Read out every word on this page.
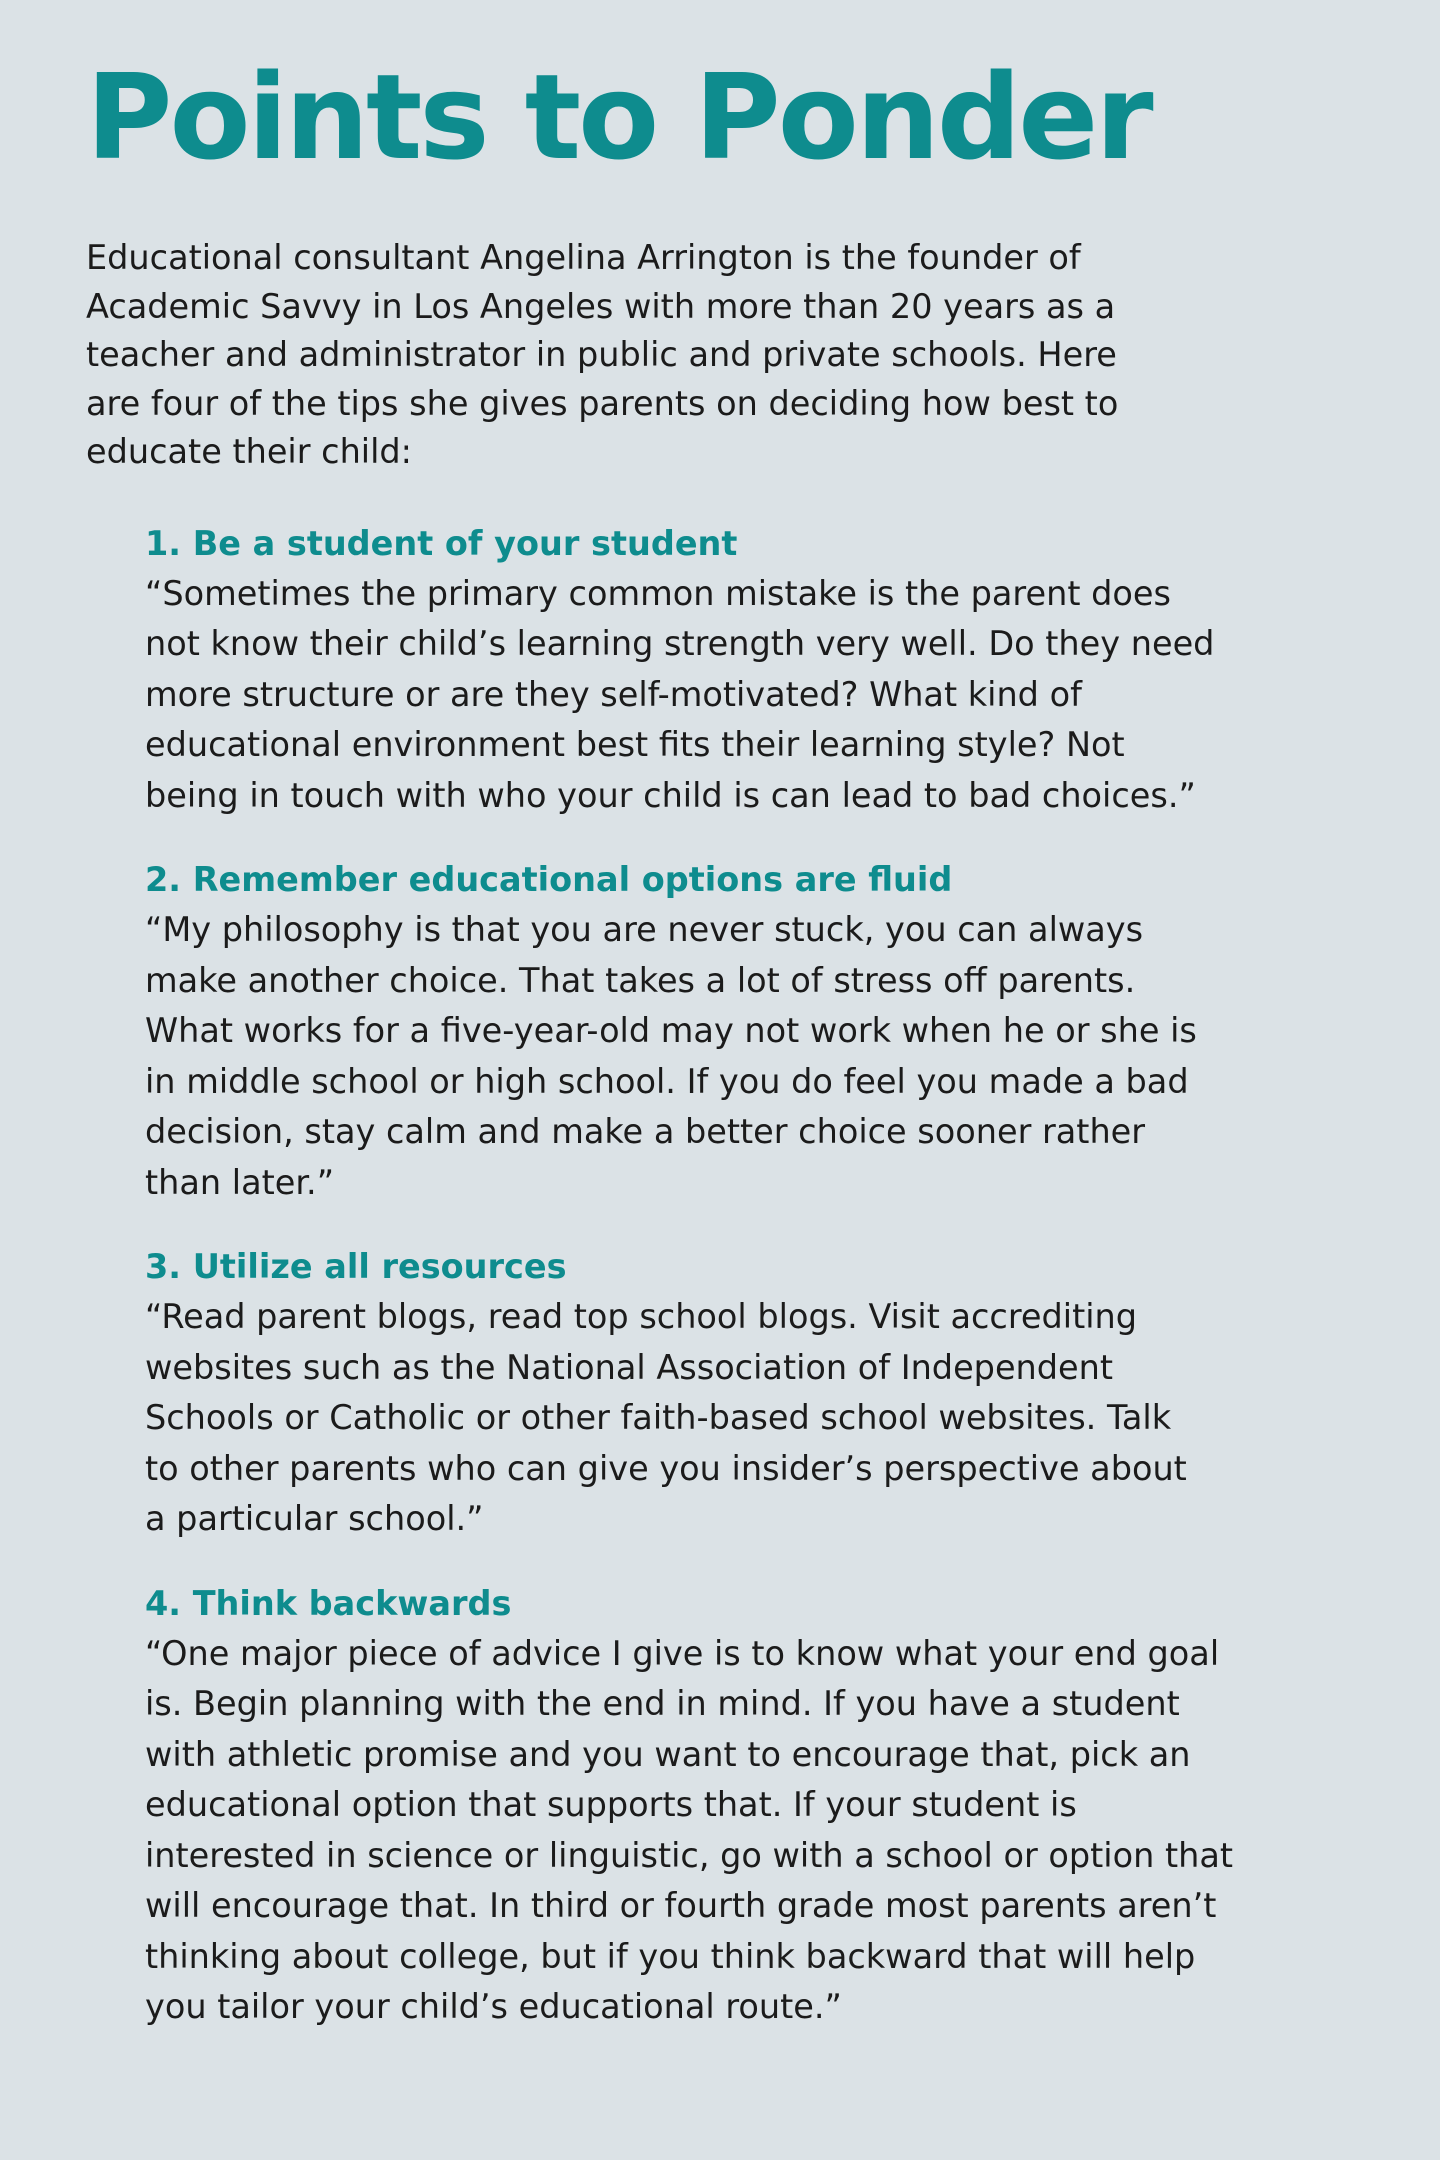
Points to Ponder

Educational consultant Angelina Arrington is the founder of
Academic Savvy in Los Angeles with more than 20 years as a
teacher and administrator in public and private schools. Here
are four of the tips she gives parents on deciding how best to
educate their child:

1. Be a student of your student
“Sometimes the primary common mistake is the parent does
not know their child’s learning strength very well. Do they need
more structure or are they self-motivated? What kind of
educational environment best fits their learning style? Not
being in touch with who your child is can lead to bad choices.”
2. Remember educational options are fluid
“My philosophy is that you are never stuck, you can always
make another choice. That takes a lot of stress off parents.
What works for a five-year-old may not work when he or she is
in middle school or high school. If you do feel you made a bad
decision, stay calm and make a better choice sooner rather
than later.”
3. Utilize all resources
“Read parent blogs, read top school blogs. Visit accrediting
websites such as the National Association of Independent
Schools or Catholic or other faith-based school websites. Talk
to other parents who can give you insider’s perspective about
a particular school.”
4. Think backwards
“One major piece of advice I give is to know what your end goal
is. Begin planning with the end in mind. If you have a student
with athletic promise and you want to encourage that, pick an
educational option that supports that. If your student is
interested in science or linguistic, go with a school or option that
will encourage that. In third or fourth grade most parents aren’t
thinking about college, but if you think backward that will help
you tailor your child’s educational route.”
